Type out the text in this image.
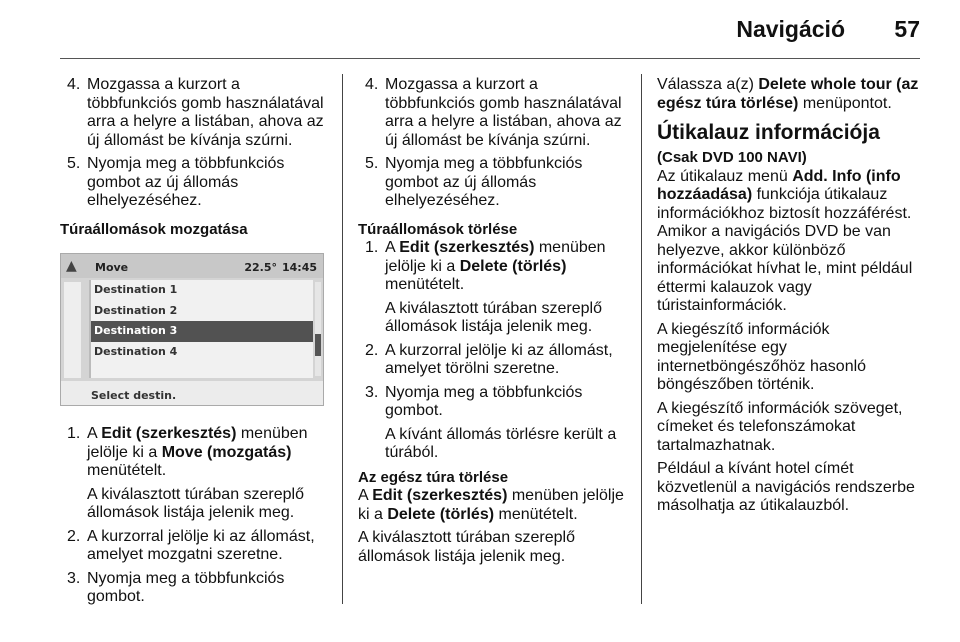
Navigáció 57
4. Mozgassa a kurzort a többfunkciós gomb használatával arra a helyre a listában, ahova az új állomást be kívánja szúrni.

5. Nyomja meg a többfunkciós gombot az új állomás elhelyezéséhez.

Túraállomások mozgatása
▲ Move	22.5° 14:45
Destination 1
Destination 2
Destination 3
Destination 4
Select destin.
1. A Edit (szerkesztés) menüben jelölje ki a Move (mozgatás) menütételt.

A kiválasztott túrában szereplő állomások listája jelenik meg.

2. A kurzorral jelölje ki az állomást, amelyet mozgatni szeretne.

3. Nyomja meg a többfunkciós gombot.

4. Mozgassa a kurzort a többfunkciós gomb használatával arra a helyre a listában, ahova az új állomást be kívánja szúrni.

5. Nyomja meg a többfunkciós gombot az új állomás elhelyezéséhez.

Túraállomások törlése
1. A Edit (szerkesztés) menüben jelölje ki a Delete (törlés) menütételt.

A kiválasztott túrában szereplő állomások listája jelenik meg.

2. A kurzorral jelölje ki az állomást, amelyet törölni szeretne.

3. Nyomja meg a többfunkciós gombot.

A kívánt állomás törlésre került a túrából.

Az egész túra törlése

A Edit (szerkesztés) menüben jelölje ki a Delete (törlés) menütételt.

A kiválasztott túrában szereplő állomások listája jelenik meg.

Válassza a(z) Delete whole tour (az egész túra törlése) menüpontot.

Útikalauz információja
(Csak DVD 100 NAVI)

Az útikalauz menü Add. Info (info hozzáadása) funkciója útikalauz információkhoz biztosít hozzáférést. Amikor a navigációs DVD be van helyezve, akkor különböző információkat hívhat le, mint például éttermi kalauzok vagy túristainformációk.

A kiegészítő információk megjelenítése egy internetböngészőhöz hasonló böngészőben történik.

A kiegészítő információk szöveget, címeket és telefonszámokat tartalmazhatnak.

Például a kívánt hotel címét közvetlenül a navigációs rendszerbe másolhatja az útikalauzból.
